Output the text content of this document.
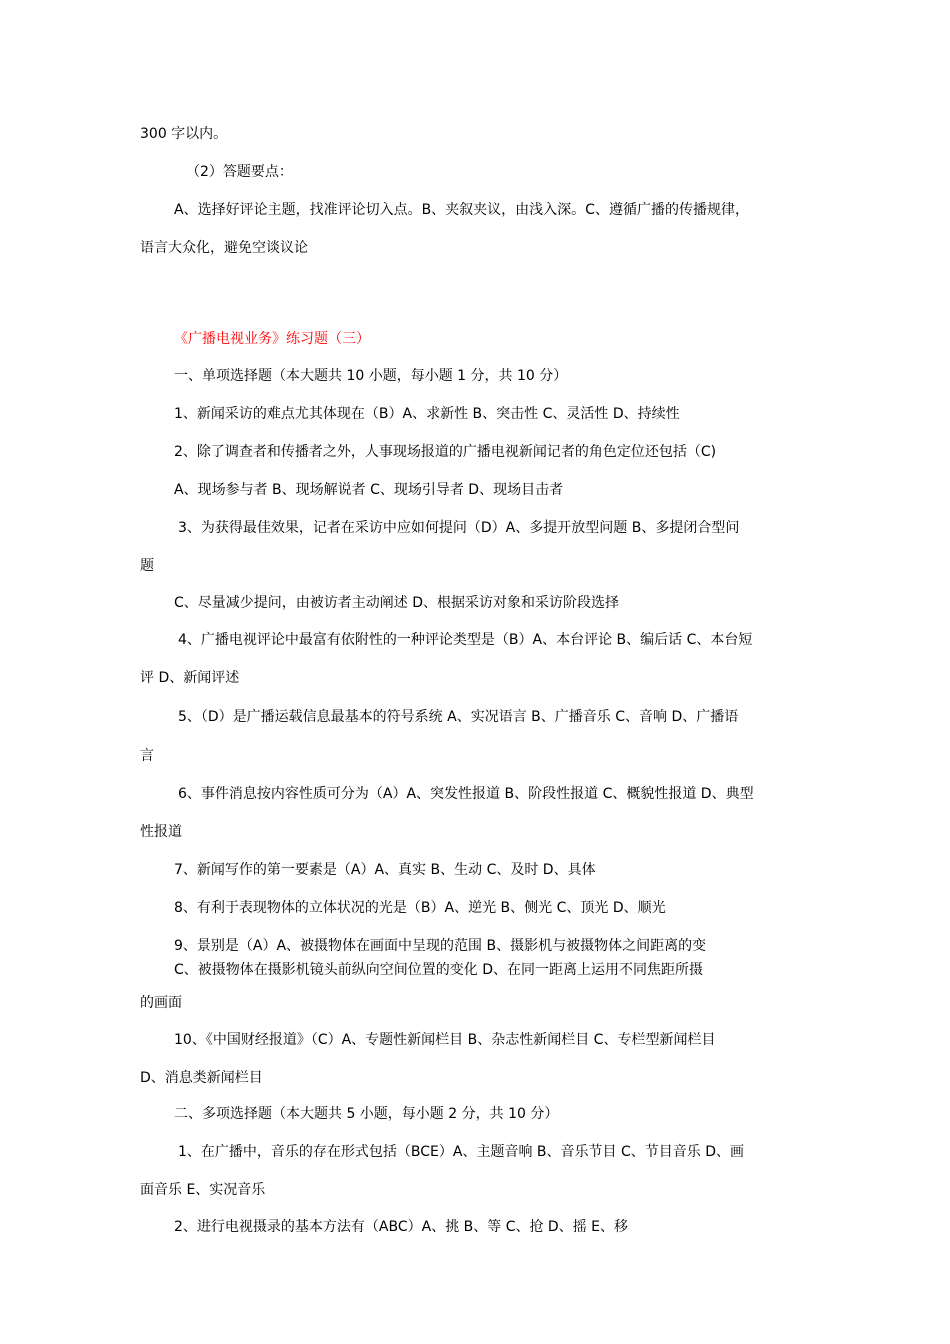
300 字以内。

（2）答题要点：

A、选择好评论主题，找准评论切入点。B、夹叙夹议，由浅入深。C、遵循广播的传播规律，

语言大众化，避免空谈议论

《广播电视业务》练习题（三）

一、单项选择题（本大题共 10 小题，每小题 1 分，共 10 分）

1、新闻采访的难点尤其体现在（B）A、求新性 B、突击性 C、灵活性 D、持续性

2、除了调查者和传播者之外，人事现场报道的广播电视新闻记者的角色定位还包括（C)

A、现场参与者 B、现场解说者 C、现场引导者 D、现场目击者

3、为获得最佳效果，记者在采访中应如何提问（D）A、多提开放型问题 B、多提闭合型问

题

C、尽量减少提问，由被访者主动阐述 D、根据采访对象和采访阶段选择

4、广播电视评论中最富有依附性的一种评论类型是（B）A、本台评论 B、编后话 C、本台短

评 D、新闻评述

5、（D）是广播运载信息最基本的符号系统 A、实况语言 B、广播音乐 C、音响 D、广播语

言

6、事件消息按内容性质可分为（A）A、突发性报道 B、阶段性报道 C、概貌性报道 D、典型

性报道

7、新闻写作的第一要素是（A）A、真实 B、生动 C、及时 D、具体

8、有利于表现物体的立体状况的光是（B）A、逆光 B、侧光 C、顶光 D、顺光

9、景别是（A）A、被摄物体在画面中呈现的范围 B、摄影机与被摄物体之间距离的变

C、被摄物体在摄影机镜头前纵向空间位置的变化 D、在同一距离上运用不同焦距所摄

的画面

10、《中国财经报道》（C）A、专题性新闻栏目 B、杂志性新闻栏目 C、专栏型新闻栏目

D、消息类新闻栏目

二、多项选择题（本大题共 5 小题，每小题 2 分，共 10 分）

1、在广播中，音乐的存在形式包括（BCE）A、主题音响 B、音乐节目 C、节目音乐 D、画

面音乐 E、实况音乐

2、进行电视摄录的基本方法有（ABC）A、挑 B、等 C、抢 D、摇 E、移
